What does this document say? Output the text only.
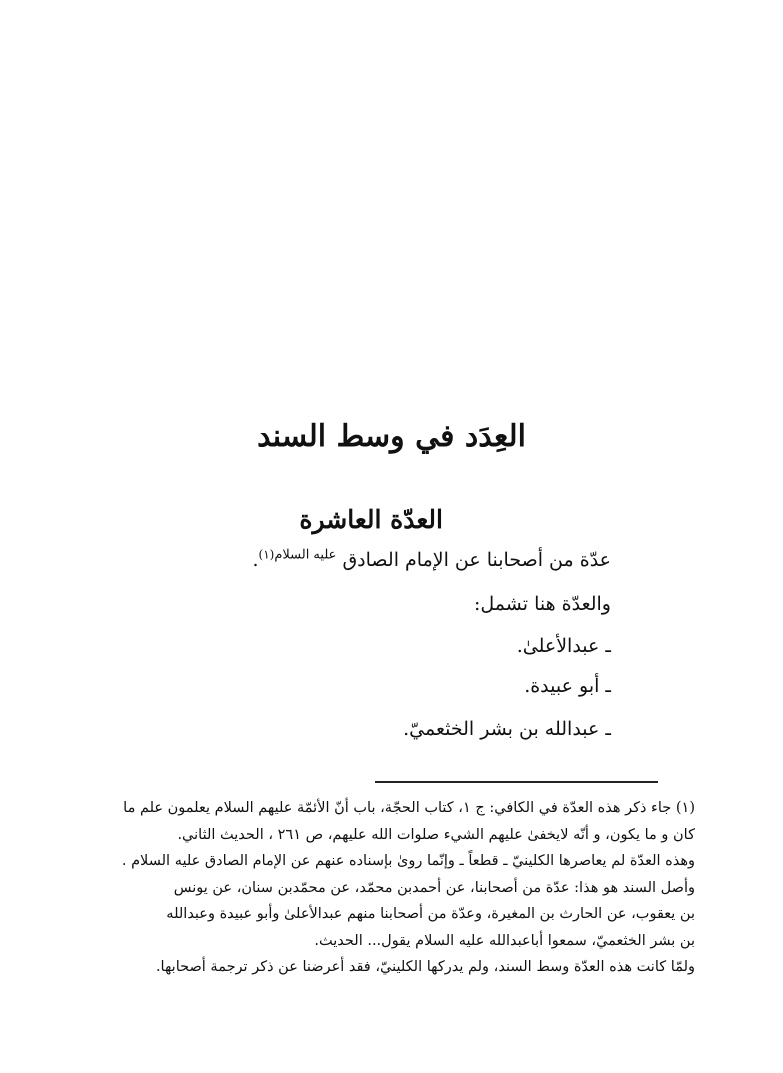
العِدَد في وسط السند
العدّة العاشرة
عدّة من أصحابنا عن الإمام الصادق $^{عليه السلام(١)}$.
والعدّة هنا تشمل:
ـ عبدالأعلىٰ.
ـ أبو عبيدة.
ـ عبدالله بن بشر الخثعميّ.
(١) جاء ذكر هذه العدّة في الكافي: ج ١، كتاب الحجّة، باب أنّ الأئمّة عليهم السلام يعلمون علم ما
كان و ما يكون، و أنّه لايخفىٰ عليهم الشيء صلوات الله عليهم، ص ٢٦١ ، الحديث الثاني.
وهذه العدّة لم يعاصرها الكلينيّ ـ قطعاً ـ وإنّما روىٰ بإسناده عنهم عن الإمام الصادق عليه السلام .
وأصل السند هو هذا: عدّة من أصحابنا، عن أحمدبن محمّد، عن محمّدبن سنان، عن يونس
بن يعقوب، عن الحارث بن المغيرة، وعدّة من أصحابنا منهم عبدالأعلىٰ وأبو عبيدة وعبدالله
بن بشر الخثعميّ، سمعوا أباعبدالله عليه السلام يقول... الحديث.
ولمّا كانت هذه العدّة وسط السند، ولم يدركها الكلينيّ، فقد أعرضنا عن ذكر ترجمة أصحابها.
